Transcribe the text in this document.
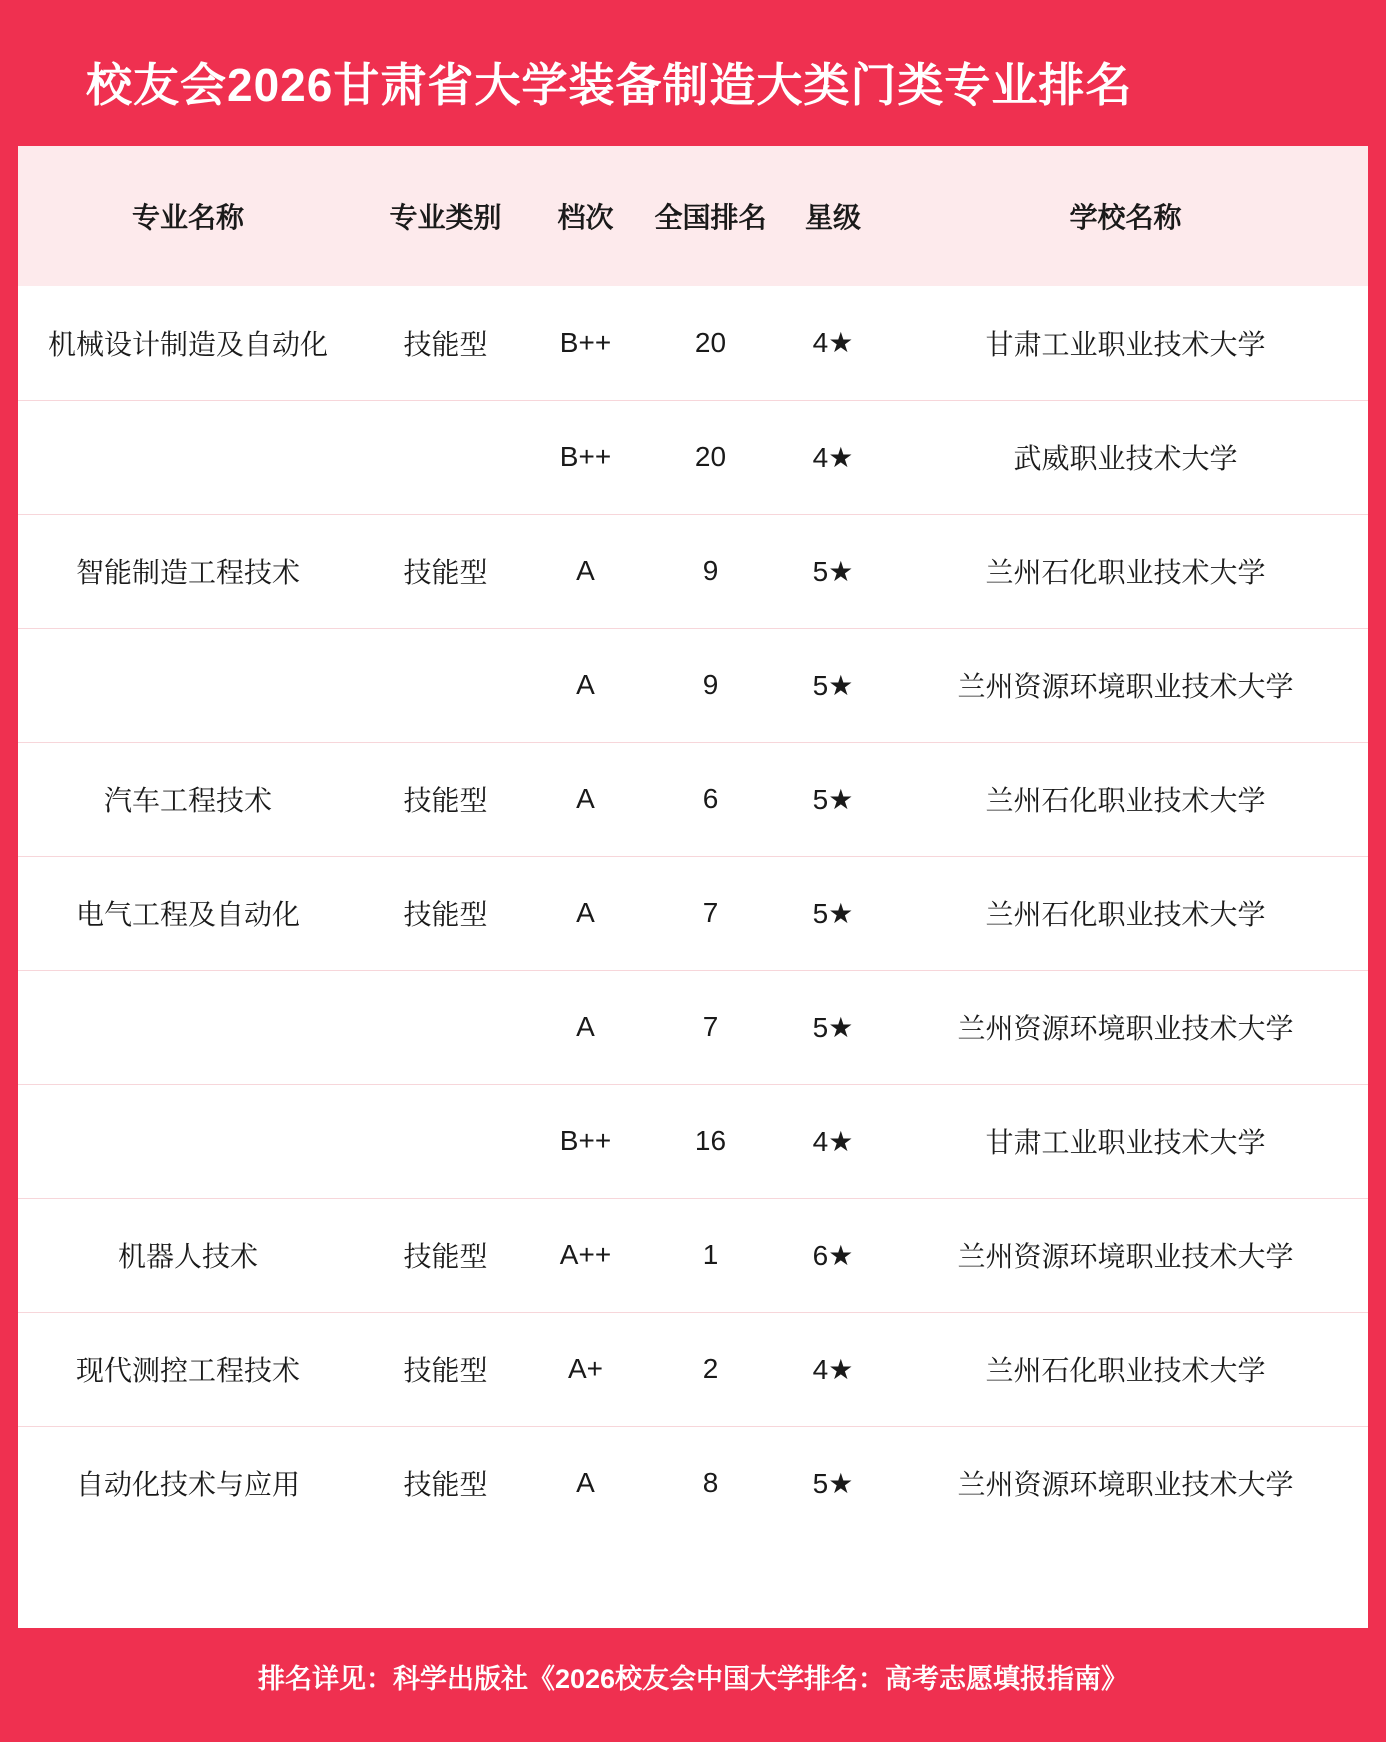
校友会2026甘肃省大学装备制造大类门类专业排名
专业名称	专业类别	档次	全国排名	星级	学校名称
机械设计制造及自动化	技能型	B++	20	4★	甘肃工业职业技术大学
		B++	20	4★	武威职业技术大学
智能制造工程技术	技能型	A	9	5★	兰州石化职业技术大学
		A	9	5★	兰州资源环境职业技术大学
汽车工程技术	技能型	A	6	5★	兰州石化职业技术大学
电气工程及自动化	技能型	A	7	5★	兰州石化职业技术大学
		A	7	5★	兰州资源环境职业技术大学
		B++	16	4★	甘肃工业职业技术大学
机器人技术	技能型	A++	1	6★	兰州资源环境职业技术大学
现代测控工程技术	技能型	A+	2	4★	兰州石化职业技术大学
自动化技术与应用	技能型	A	8	5★	兰州资源环境职业技术大学
排名详见：科学出版社《2026校友会中国大学排名：高考志愿填报指南》
